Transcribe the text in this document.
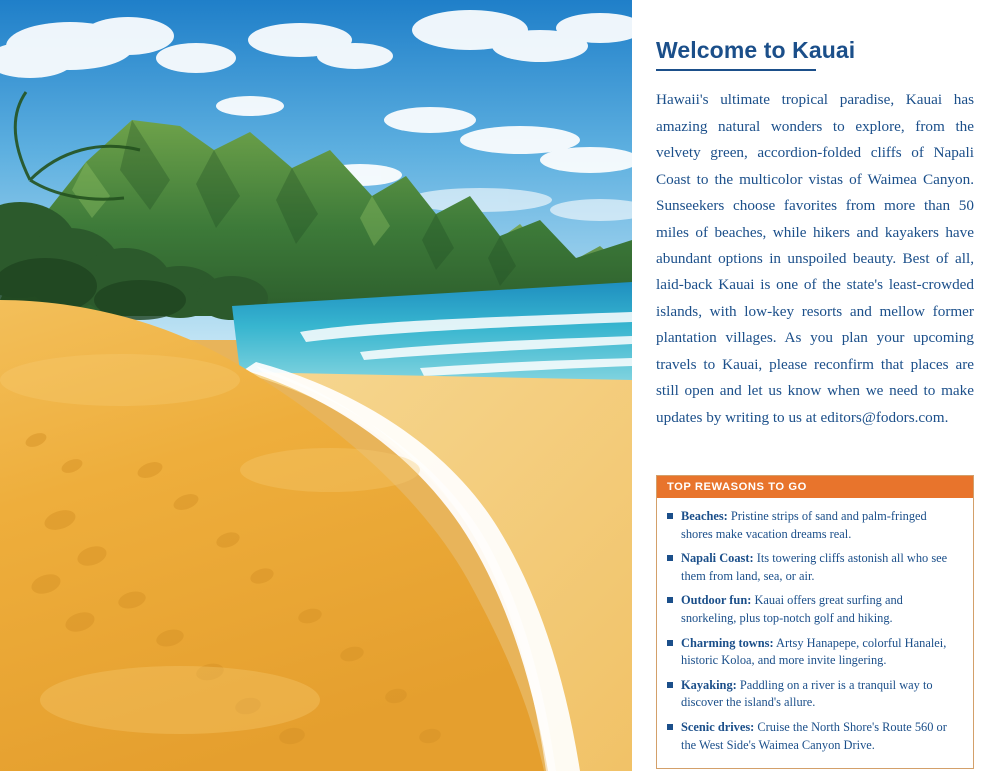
Welcome to Kauai

Hawaii's ultimate tropical paradise, Kauai has amazing natural wonders to explore, from the velvety green, accordion-folded cliffs of Napali Coast to the multicolor vistas of Waimea Canyon. Sunseekers choose favorites from more than 50 miles of beaches, while hikers and kayakers have abundant options in unspoiled beauty. Best of all, laid-back Kauai is one of the state's least-crowded islands, with low-key resorts and mellow former plantation villages. As you plan your upcoming travels to Kauai, please reconfirm that places are still open and let us know when we need to make updates by writing to us at editors@fodors.com.

TOP REWASONS TO GO
Beaches: Pristine strips of sand and palm-fringed shores make vacation dreams real.
Napali Coast: Its towering cliffs astonish all who see them from land, sea, or air.
Outdoor fun: Kauai offers great surfing and snorkeling, plus top-notch golf and hiking.
Charming towns: Artsy Hanapepe, colorful Hanalei, historic Koloa, and more invite lingering.
Kayaking: Paddling on a river is a tranquil way to discover the island's allure.
Scenic drives: Cruise the North Shore's Route 560 or the West Side's Waimea Canyon Drive.
